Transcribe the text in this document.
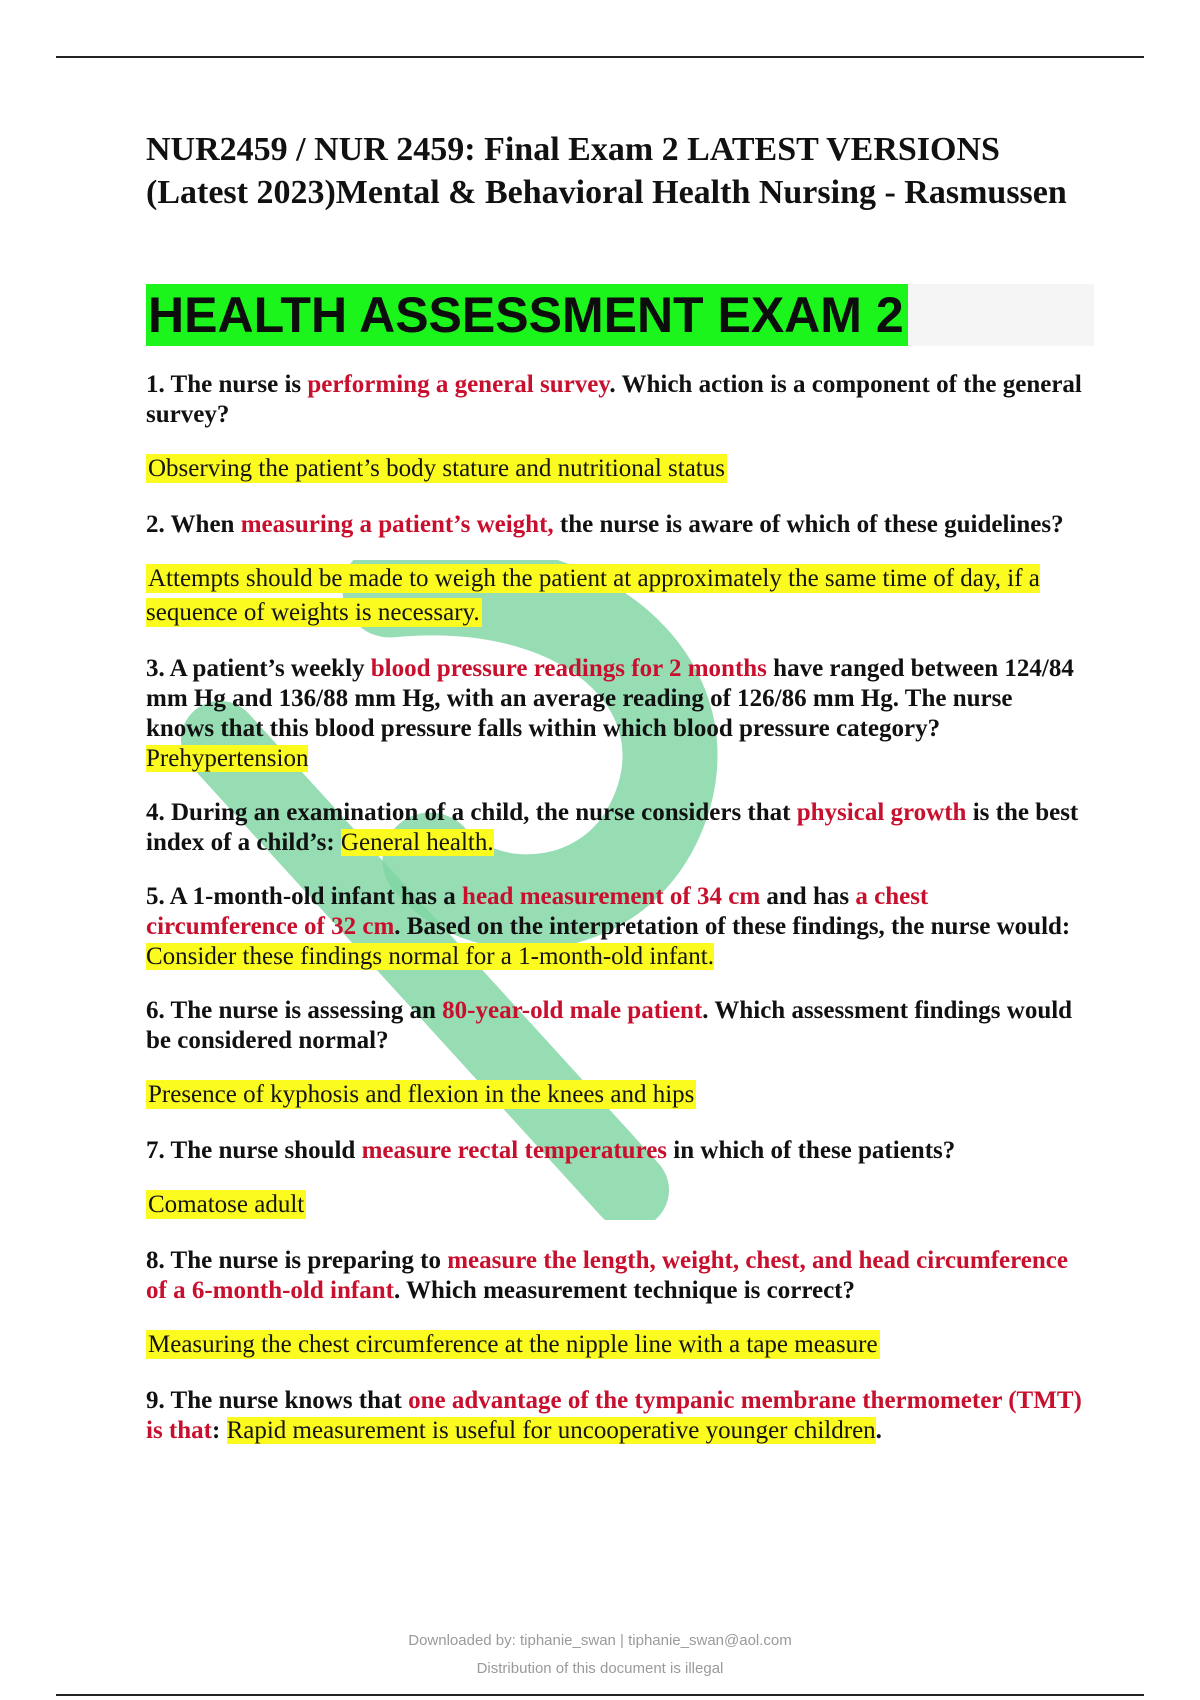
NUR2459 / NUR 2459: Final Exam 2 LATEST VERSIONS (Latest 2023)Mental & Behavioral Health Nursing - Rasmussen
HEALTH ASSESSMENT EXAM 2

1. The nurse is performing a general survey. Which action is a component of the general survey?

Observing the patient’s body stature and nutritional status

2. When measuring a patient’s weight, the nurse is aware of which of these guidelines?

Attempts should be made to weigh the patient at approximately the same time of day, if a sequence of weights is necessary.

3. A patient’s weekly blood pressure readings for 2 months have ranged between 124/84 mm Hg and 136/88 mm Hg, with an average reading of 126/86 mm Hg. The nurse knows that this blood pressure falls within which blood pressure category? Prehypertension

4. During an examination of a child, the nurse considers that physical growth is the best index of a child’s: General health.

5. A 1-month-old infant has a head measurement of 34 cm and has a chest circumference of 32 cm. Based on the interpretation of these findings, the nurse would: Consider these findings normal for a 1-month-old infant.

6. The nurse is assessing an 80-year-old male patient. Which assessment findings would be considered normal?

Presence of kyphosis and flexion in the knees and hips

7. The nurse should measure rectal temperatures in which of these patients?

Comatose adult

8. The nurse is preparing to measure the length, weight, chest, and head circumference of a 6-month-old infant. Which measurement technique is correct?

Measuring the chest circumference at the nipple line with a tape measure

9. The nurse knows that one advantage of the tympanic membrane thermometer (TMT) is that: Rapid measurement is useful for uncooperative younger children.

Downloaded by: tiphanie_swan | tiphanie_swan@aol.com
Distribution of this document is illegal
